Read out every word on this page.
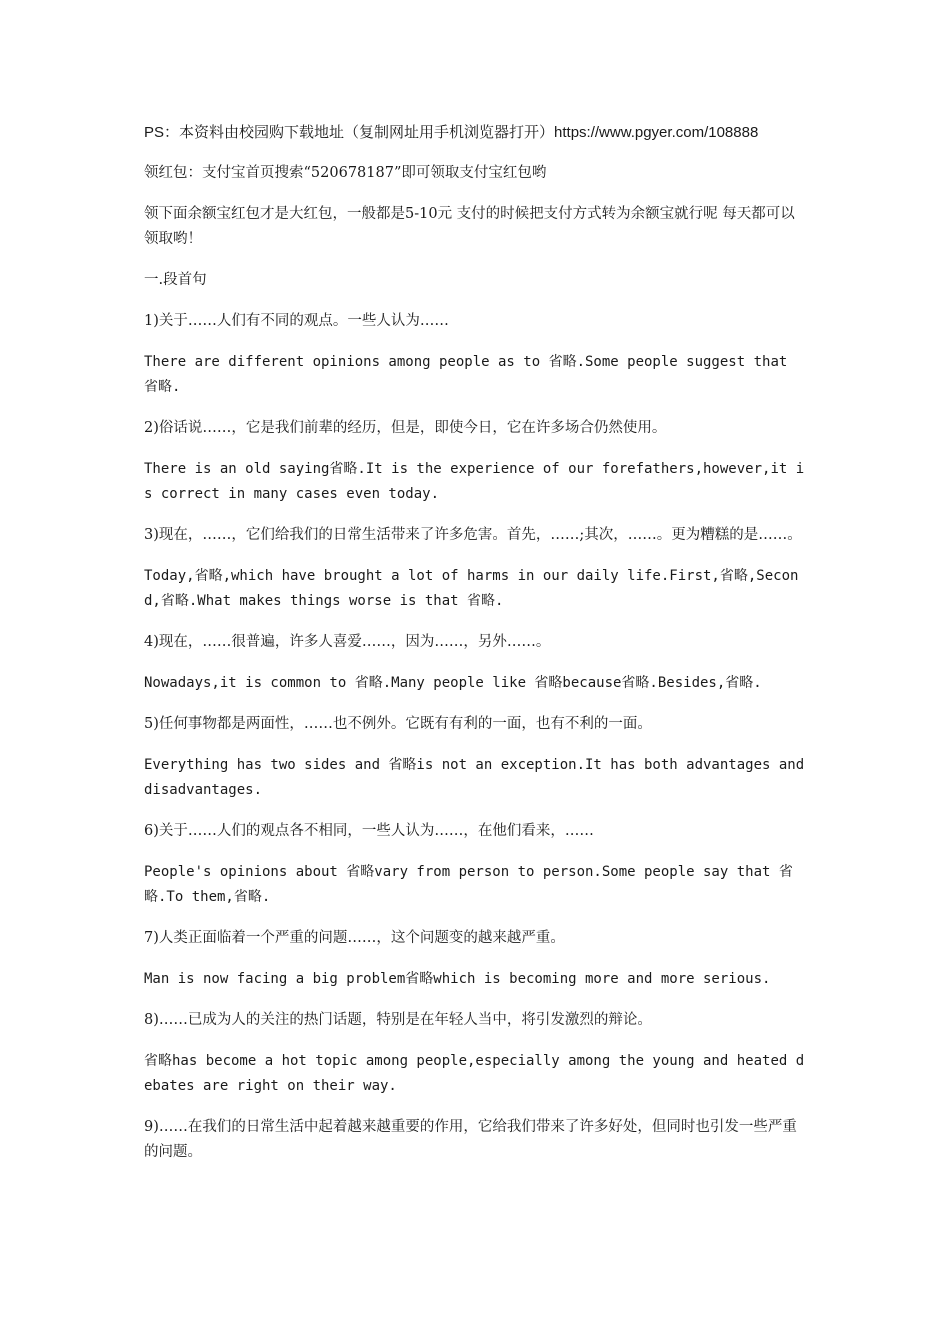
PS：本资料由校园购下载地址（复制网址用手机浏览器打开）https://www.pgyer.com/108888

领红包：支付宝首页搜索“520678187”即可领取支付宝红包哟

领下面余额宝红包才是大红包，一般都是5-10元 支付的时候把支付方式转为余额宝就行呢 每天都可以领取哟！

一.段首句

1)关于……人们有不同的观点。一些人认为……

There are different opinions among people as to 省略.Some people suggest that 省略.

2)俗话说……，它是我们前辈的经历，但是，即使今日，它在许多场合仍然使用。

There is an old saying省略.It is the experience of our forefathers,however,it is correct in many cases even today.

3)现在，……，它们给我们的日常生活带来了许多危害。首先，……;其次，……。更为糟糕的是……。

Today,省略,which have brought a lot of harms in our daily life.First,省略,Second,省略.What makes things worse is that 省略.

4)现在，……很普遍，许多人喜爱……，因为……，另外……。

Nowadays,it is common to 省略.Many people like 省略because省略.Besides,省略.

5)任何事物都是两面性，……也不例外。它既有有利的一面，也有不利的一面。

Everything has two sides and 省略is not an exception.It has both advantages and disadvantages.

6)关于……人们的观点各不相同，一些人认为……，在他们看来，……

People's opinions about 省略vary from person to person.Some people say that 省略.To them,省略.

7)人类正面临着一个严重的问题……，这个问题变的越来越严重。

Man is now facing a big problem省略which is becoming more and more serious.

8)……已成为人的关注的热门话题，特别是在年轻人当中，将引发激烈的辩论。

省略has become a hot topic among people,especially among the young and heated debates are right on their way.

9)……在我们的日常生活中起着越来越重要的作用，它给我们带来了许多好处，但同时也引发一些严重的问题。
